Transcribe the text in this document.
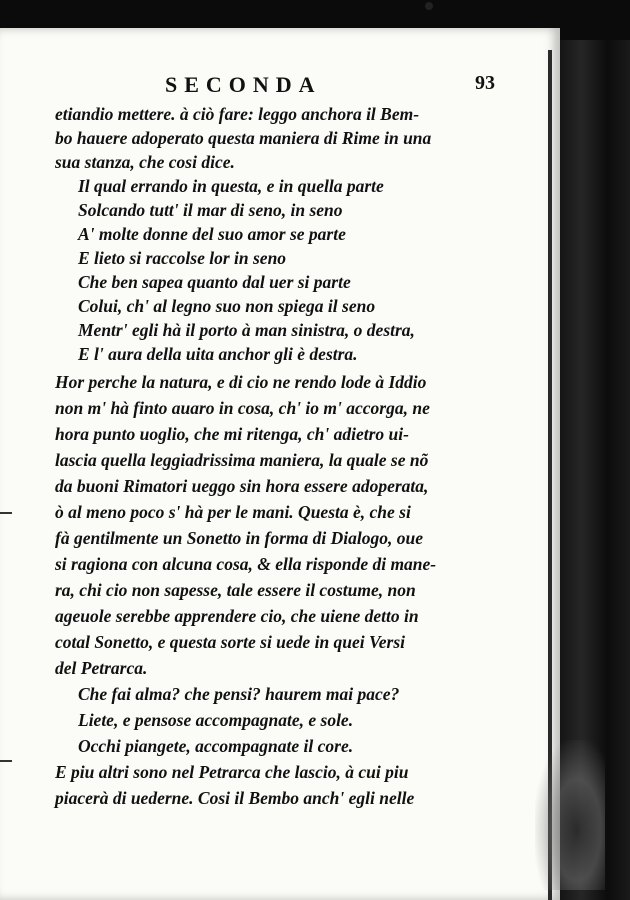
SECONDA	93
etiandio mettere. à ciò fare: leggo anchora il Bem-
bo hauere adoperato questa maniera di Rime in una
sua stanza, che cosi dice.
Il qual errando in questa, e in quella parte
Solcando tutt' il mar di seno, in seno
A' molte donne del suo amor se parte
E lieto si raccolse lor in seno
Che ben sapea quanto dal uer si parte
Colui, ch' al legno suo non spiega il seno
Mentr' egli hà il porto à man sinistra, o destra,
E l' aura della uita anchor gli è destra.
Hor perche la natura, e di cio ne rendo lode à Iddio
non m' hà finto auaro in cosa, ch' io m' accorga, ne
hora punto uoglio, che mi ritenga, ch' adietro ui-
lascia quella leggiadrissima maniera, la quale se nõ
da buoni Rimatori ueggo sin hora essere adoperata,
ò al meno poco s' hà per le mani. Questa è, che si
fà gentilmente un Sonetto in forma di Dialogo, oue
si ragiona con alcuna cosa, & ella risponde di mane-
ra, chi cio non sapesse, tale essere il costume, non
ageuole serebbe apprendere cio, che uiene detto in
cotal Sonetto, e questa sorte si uede in quei Versi
del Petrarca.
Che fai alma? che pensi? haurem mai pace?
Liete, e pensose accompagnate, e sole.
Occhi piangete, accompagnate il core.
E piu altri sono nel Petrarca che lascio, à cui piu
piacerà di uederne. Cosi il Bembo anch' egli nelle
